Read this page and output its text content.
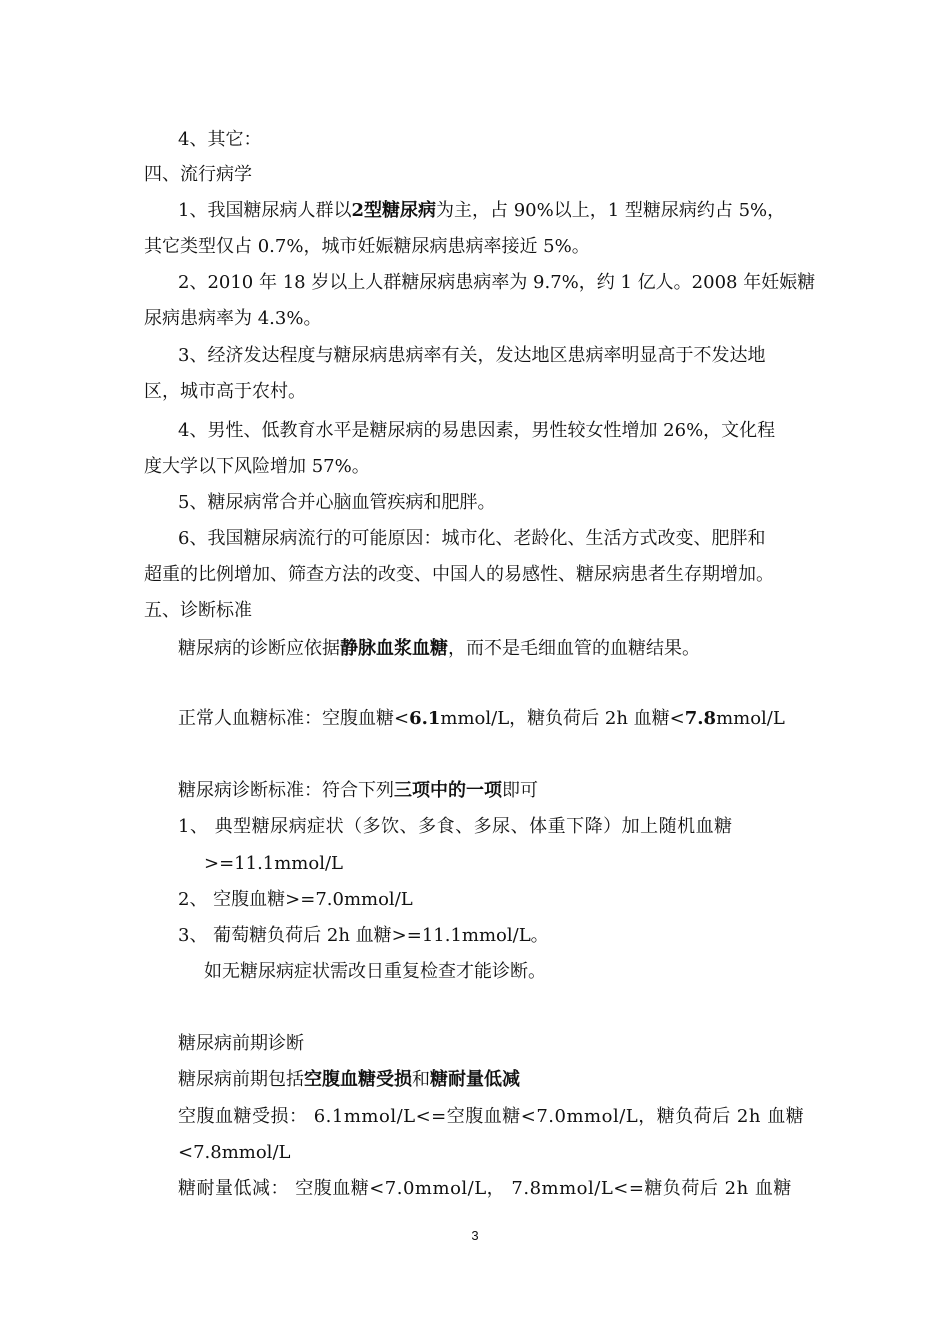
4、其它：
四、流行病学
1、我国糖尿病人群以2型糖尿病为主，占 90%以上，1 型糖尿病约占 5%，
其它类型仅占 0.7%，城市妊娠糖尿病患病率接近 5%。
2、2010 年 18 岁以上人群糖尿病患病率为 9.7%，约 1 亿人。2008 年妊娠糖
尿病患病率为 4.3%。
3、经济发达程度与糖尿病患病率有关，发达地区患病率明显高于不发达地
区，城市高于农村。
4、男性、低教育水平是糖尿病的易患因素，男性较女性增加 26%，文化程
度大学以下风险增加 57%。
5、糖尿病常合并心脑血管疾病和肥胖。
6、我国糖尿病流行的可能原因：城市化、老龄化、生活方式改变、肥胖和
超重的比例增加、筛查方法的改变、中国人的易感性、糖尿病患者生存期增加。
五、诊断标准
糖尿病的诊断应依据静脉血浆血糖，而不是毛细血管的血糖结果。
正常人血糖标准：空腹血糖<6.1mmol/L，糖负荷后 2h 血糖<7.8mmol/L
糖尿病诊断标准：符合下列三项中的一项即可
1、 典型糖尿病症状（多饮、多食、多尿、体重下降）加上随机血糖
>=11.1mmol/L
2、 空腹血糖>=7.0mmol/L
3、 葡萄糖负荷后 2h 血糖>=11.1mmol/L。
如无糖尿病症状需改日重复检查才能诊断。
糖尿病前期诊断
糖尿病前期包括空腹血糖受损和糖耐量低减
空腹血糖受损： 6.1mmol/L<=空腹血糖<7.0mmol/L，糖负荷后 2h 血糖
<7.8mmol/L
糖耐量低减： 空腹血糖<7.0mmol/L， 7.8mmol/L<=糖负荷后 2h 血糖
3
